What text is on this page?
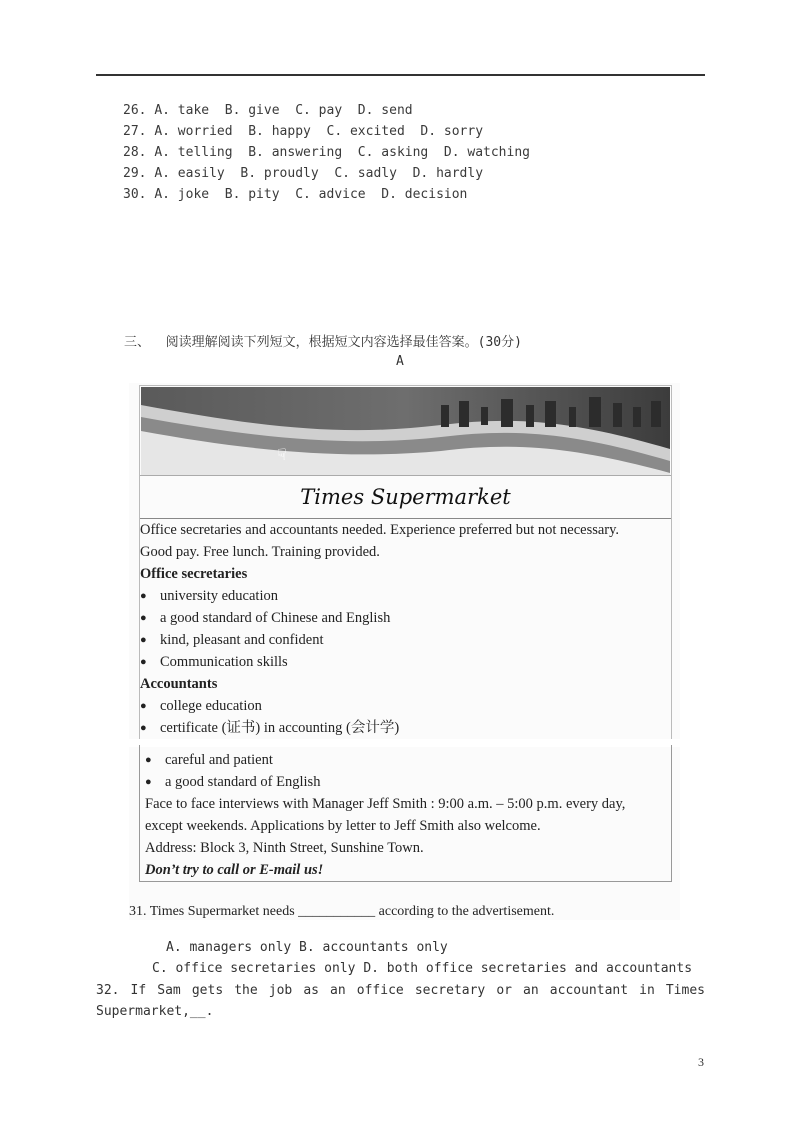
26. A. take  B. give  C. pay  D. send
27. A. worried  B. happy  C. excited  D. sorry
28. A. telling  B. answering  C. asking  D. watching
29. A. easily  B. proudly  C. sadly  D. hardly
30. A. joke  B. pity  C. advice  D. decision
三、  阅读理解阅读下列短文，根据短文内容选择最佳答案。(30分)
A
☟
Times Supermarket
Office secretaries and accountants needed. Experience preferred but not necessary.
Good pay. Free lunch. Training provided.
Office secretaries
● university education
● a good standard of Chinese and English
● kind, pleasant and confident
● Communication skills
Accountants
● college education
● certificate (证书) in accounting (会计学)
● careful and patient
● a good standard of English
Face to face interviews with Manager Jeff Smith : 9:00 a.m. – 5:00 p.m. every day,
except weekends. Applications by letter to Jeff Smith also welcome.
Address: Block 3, Ninth Street, Sunshine Town.
Don’t try to call or E-mail us!
31. Times Supermarket needs ___________ according to the advertisement.
A. managers only B. accountants only
C. office secretaries only D. both office secretaries and accountants
32. If Sam gets the job as an office secretary or an accountant in Times
Supermarket,__.
3
